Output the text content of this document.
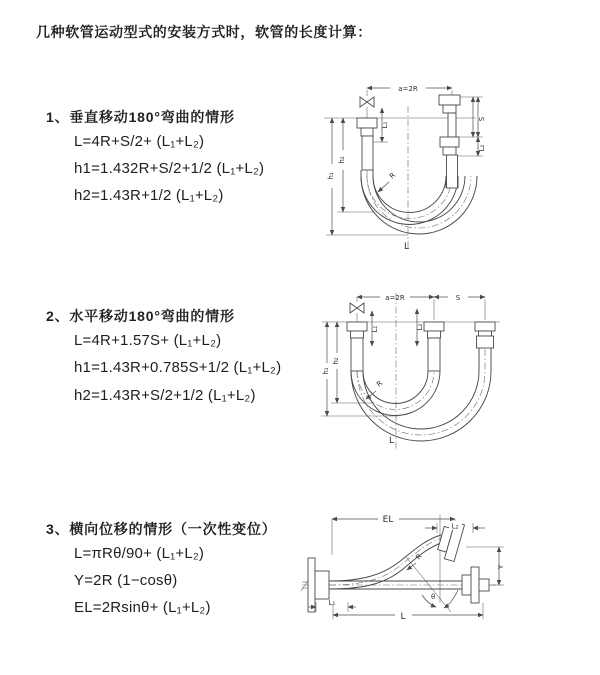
几种软管运动型式的安装方式时，软管的长度计算：
1、垂直移动180°弯曲的情形
L=4R+S/2+ (L₁+L₂)
h1=1.432R+S/2+1/2 (L₁+L₂)
h2=1.43R+1/2 (L₁+L₂)
2、水平移动180°弯曲的情形
L=4R+1.57S+ (L₁+L₂)
h1=1.43R+0.785S+1/2 (L₁+L₂)
h2=1.43R+S/2+1/2 (L₁+L₂)
3、横向位移的情形（一次性变位）
L=πRθ/90+ (L₁+L₂)
Y=2R (1−cosθ)
EL=2Rsinθ+ (L₁+L₂)
a=2R
S
L₂
L₁
h₁
h₂
R
L
a=2R	S
h₁
h₂
L₁	L₂
R
L
EL
L₂
Y
θ
R
L₁
L
